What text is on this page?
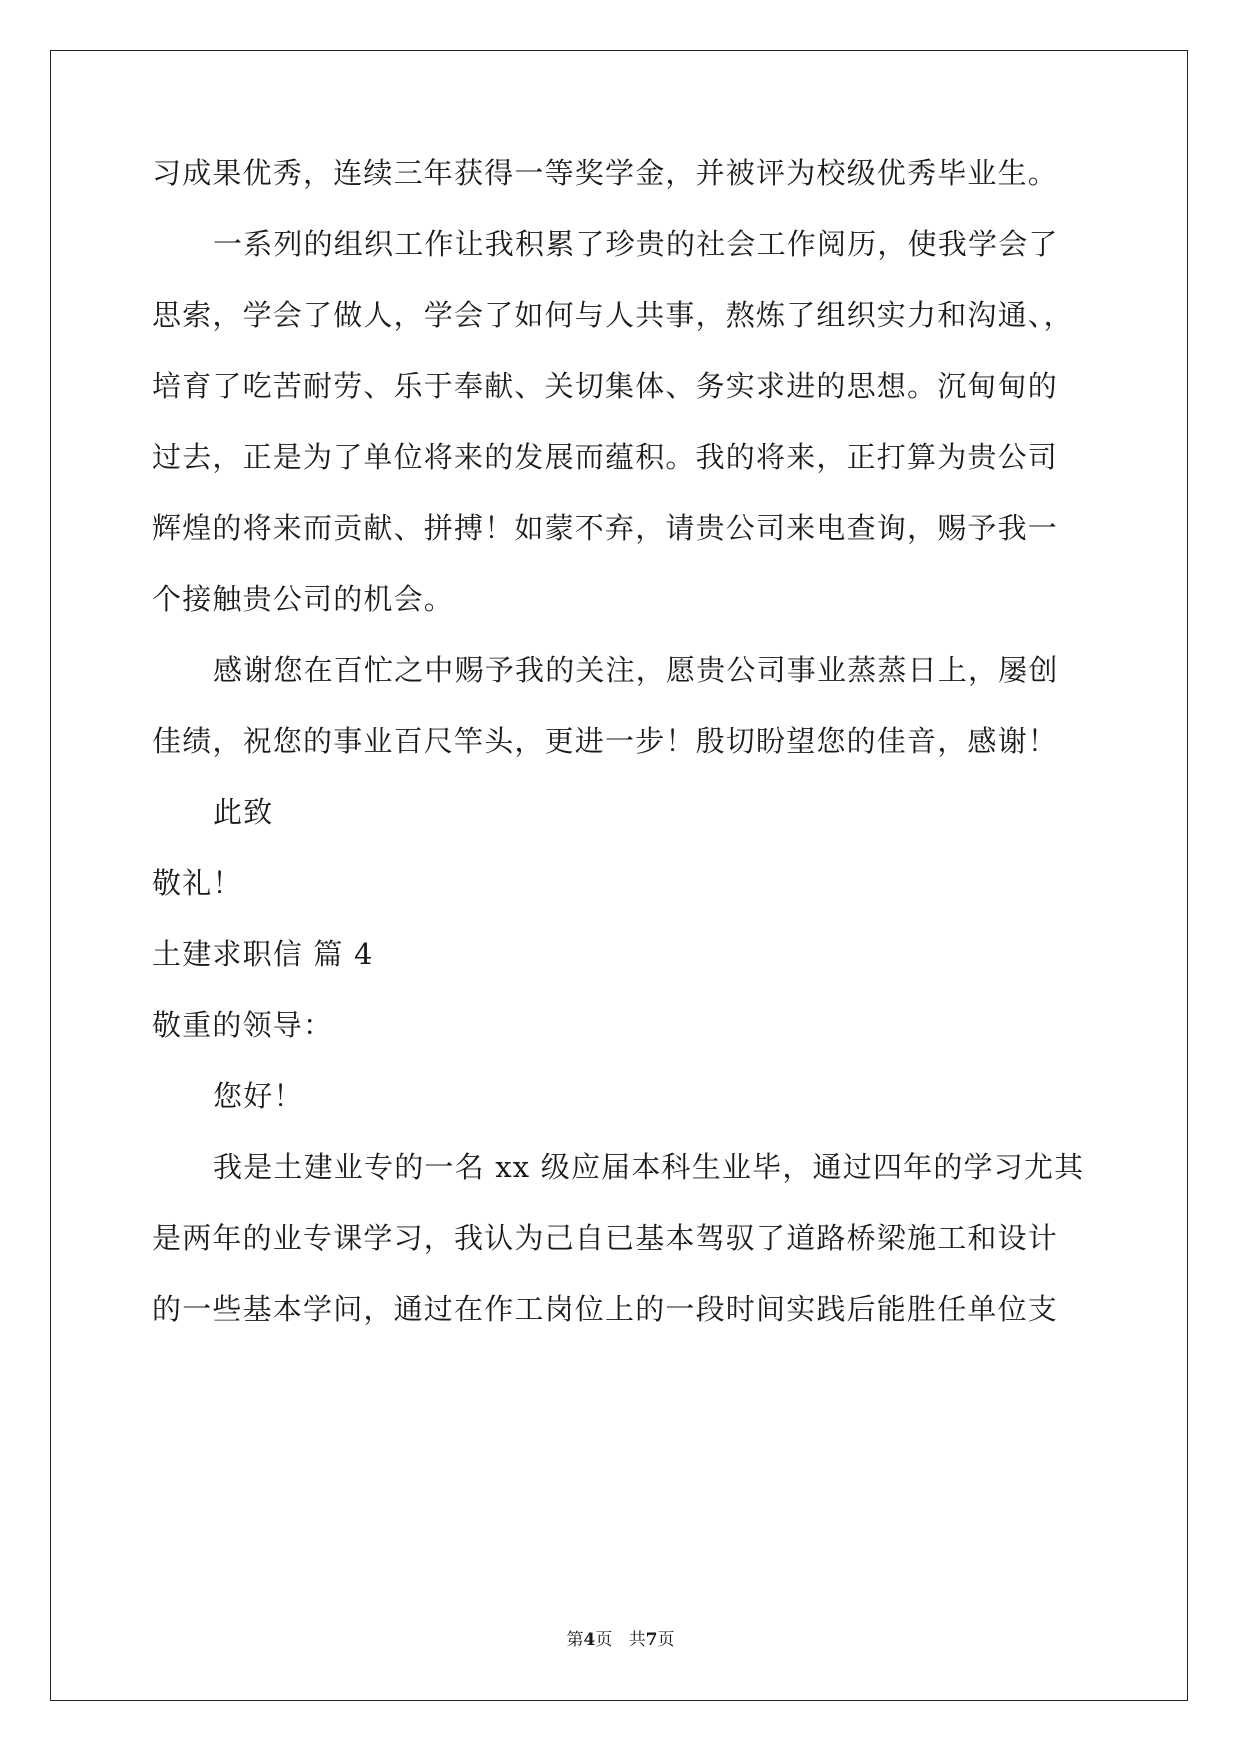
习成果优秀，连续三年获得一等奖学金，并被评为校级优秀毕业生。
一系列的组织工作让我积累了珍贵的社会工作阅历，使我学会了
思索，学会了做人，学会了如何与人共事，熬炼了组织实力和沟通、，
培育了吃苦耐劳、乐于奉献、关切集体、务实求进的思想。沉甸甸的
过去，正是为了单位将来的发展而蕴积。我的将来，正打算为贵公司
辉煌的将来而贡献、拼搏！如蒙不弃，请贵公司来电查询，赐予我一
个接触贵公司的机会。
感谢您在百忙之中赐予我的关注，愿贵公司事业蒸蒸日上，屡创
佳绩，祝您的事业百尺竿头，更进一步！殷切盼望您的佳音，感谢！
此致
敬礼！
土建求职信 篇 4
敬重的领导：
您好！
我是土建业专的一名 xx 级应届本科生业毕，通过四年的学习尤其
是两年的业专课学习，我认为己自已基本驾驭了道路桥梁施工和设计
的一些基本学问，通过在作工岗位上的一段时间实践后能胜任单位支
第4页 共7页
